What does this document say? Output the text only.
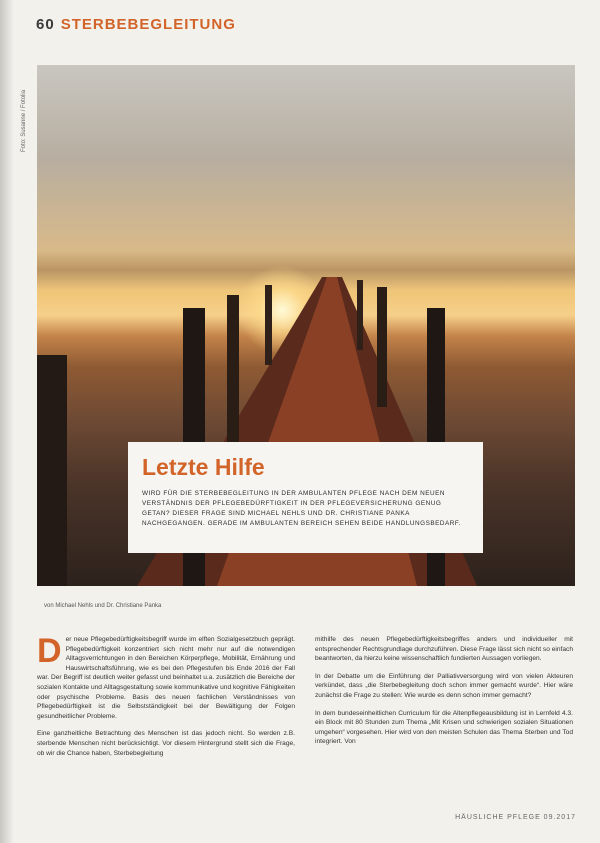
60 STERBEBEGLEITUNG
Foto: Susanne / Fotolia
Letzte Hilfe

WIRD FÜR DIE STERBEBEGLEITUNG IN DER AMBULANTEN PFLEGE NACH DEM NEUEN VERSTÄNDNIS DER PFLEGEBEDÜRFTIGKEIT IN DER PFLEGEVERSICHERUNG GENUG GETAN? DIESER FRAGE SIND MICHAEL NEHLS UND DR. CHRISTIANE PANKA NACHGEGANGEN. GERADE IM AMBULANTEN BEREICH SEHEN BEIDE HANDLUNGSBEDARF.

von Michael Nehls und Dr. Christiane Panka

Der neue Pflegebedürftigkeitsbegriff wurde im elften Sozialgesetzbuch geprägt. Pflegebedürftigkeit konzentriert sich nicht mehr nur auf die notwendigen Alltagsverrichtungen in den Bereichen Körperpflege, Mobilität, Ernährung und Hauswirtschaftsführung, wie es bei den Pflegestufen bis Ende 2016 der Fall war. Der Begriff ist deutlich weiter gefasst und beinhaltet u.a. zusätzlich die Bereiche der sozialen Kontakte und Alltagsgestaltung sowie kommunikative und kognitive Fähigkeiten oder psychische Probleme. Basis des neuen fachlichen Verständnisses von Pflegebedürftigkeit ist die Selbstständigkeit bei der Bewältigung der Folgen gesundheitlicher Probleme.

Eine ganzheitliche Betrachtung des Menschen ist das jedoch nicht. So werden z.B. sterbende Menschen nicht berücksichtigt. Vor diesem Hintergrund stellt sich die Frage, ob wir die Chance haben, Sterbebegleitung

mithilfe des neuen Pflegebedürftigkeitsbegriffes anders und individueller mit entsprechender Rechtsgrundlage durchzuführen. Diese Frage lässt sich nicht so einfach beantworten, da hierzu keine wissenschaftlich fundierten Aussagen vorliegen.

In der Debatte um die Einführung der Palliativversorgung wird von vielen Akteuren verkündet, dass „die Sterbebegleitung doch schon immer gemacht wurde“. Hier wäre zunächst die Frage zu stellen: Wie wurde es denn schon immer gemacht?

In dem bundeseinheitlichen Curriculum für die Altenpflegeausbildung ist in Lernfeld 4.3. ein Block mit 80 Stunden zum Thema „Mit Krisen und schwierigen sozialen Situationen umgehen“ vorgesehen. Hier wird von den meisten Schulen das Thema Sterben und Tod integriert. Von

HÄUSLICHE PFLEGE 09.2017
